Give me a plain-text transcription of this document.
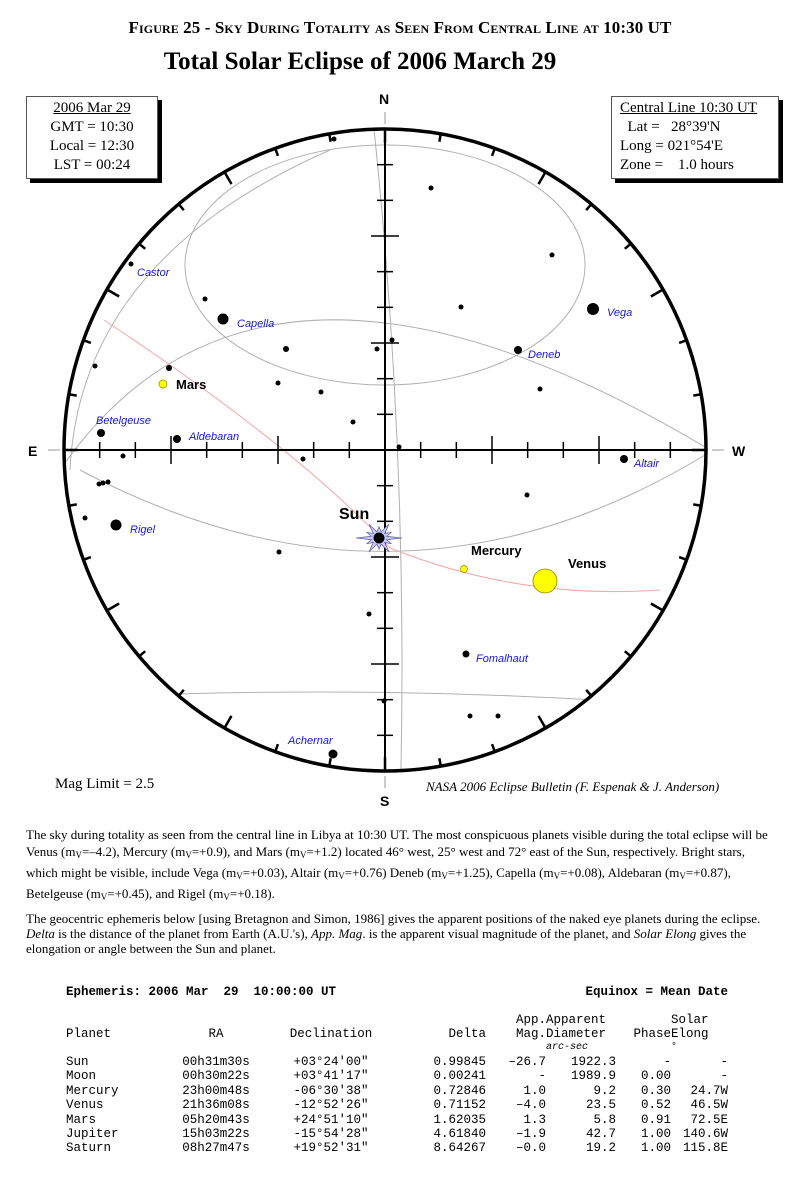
Figure 25 - Sky During Totality as Seen From Central Line at 10:30 UT
Total Solar Eclipse of 2006 March 29
2006 Mar 29
GMT = 10:30
Local = 12:30
LST = 00:24
Central Line 10:30 UT
Lat =   28°39'N
Long = 021°54'E
Zone =    1.0 hours
N
S
E	W
Castor
Capella
Vega
Deneb
Betelgeuse
Aldebaran
Altair
Rigel
Fomalhaut
Achernar
Sun
Mars
Mercury
Venus
Mag Limit = 2.5	NASA 2006 Eclipse Bulletin (F. Espenak & J. Anderson)
The sky during totality as seen from the central line in Libya at 10:30 UT. The most conspicuous planets visible during the total eclipse will be Venus $(m_V=-4.2)$, Mercury $(m_V=+0.9)$, and Mars $(m_V=+1.2)$ located 46° west, 25° west and 72° east of the Sun, respectively. Bright stars, which might be visible, include Vega $(m_V=+0.03)$, Altair $(m_V=+0.76)$ Deneb $(m_V=+1.25)$, Capella $(m_V=+0.08)$, Aldebaran $(m_V=+0.87)$, Betelgeuse $(m_V=+0.45)$, and Rigel $(m_V=+0.18)$.
The geocentric ephemeris below [using Bretagnon and Simon, 1986] gives the apparent positions of the naked eye planets during the eclipse. Delta is the distance of the planet from Earth (A.U.'s), App. Mag. is the apparent visual magnitude of the planet, and Solar Elong gives the elongation or angle between the Sun and planet.
Ephemeris: 2006 Mar  29  10:00:00 UT	Equinox = Mean Date
				App.	Apparent		Solar
Planet	RA	Declination	Delta	Mag.	Diameter	Phase	Elong
					arc-sec		°
Sun	00h31m30s	+03°24'00"	0.99845	–26.7	1922.3	-	-
Moon	00h30m22s	+03°41'17"	0.00241	-	1989.9	0.00	-
Mercury	23h00m48s	-06°30'38"	0.72846	1.0	9.2	0.30	24.7W
Venus	21h36m08s	-12°52'26"	0.71152	–4.0	23.5	0.52	46.5W
Mars	05h20m43s	+24°51'10"	1.62035	1.3	5.8	0.91	72.5E
Jupiter	15h03m22s	-15°54'28"	4.61840	–1.9	42.7	1.00	140.6W
Saturn	08h27m47s	+19°52'31"	8.64267	–0.0	19.2	1.00	115.8E
